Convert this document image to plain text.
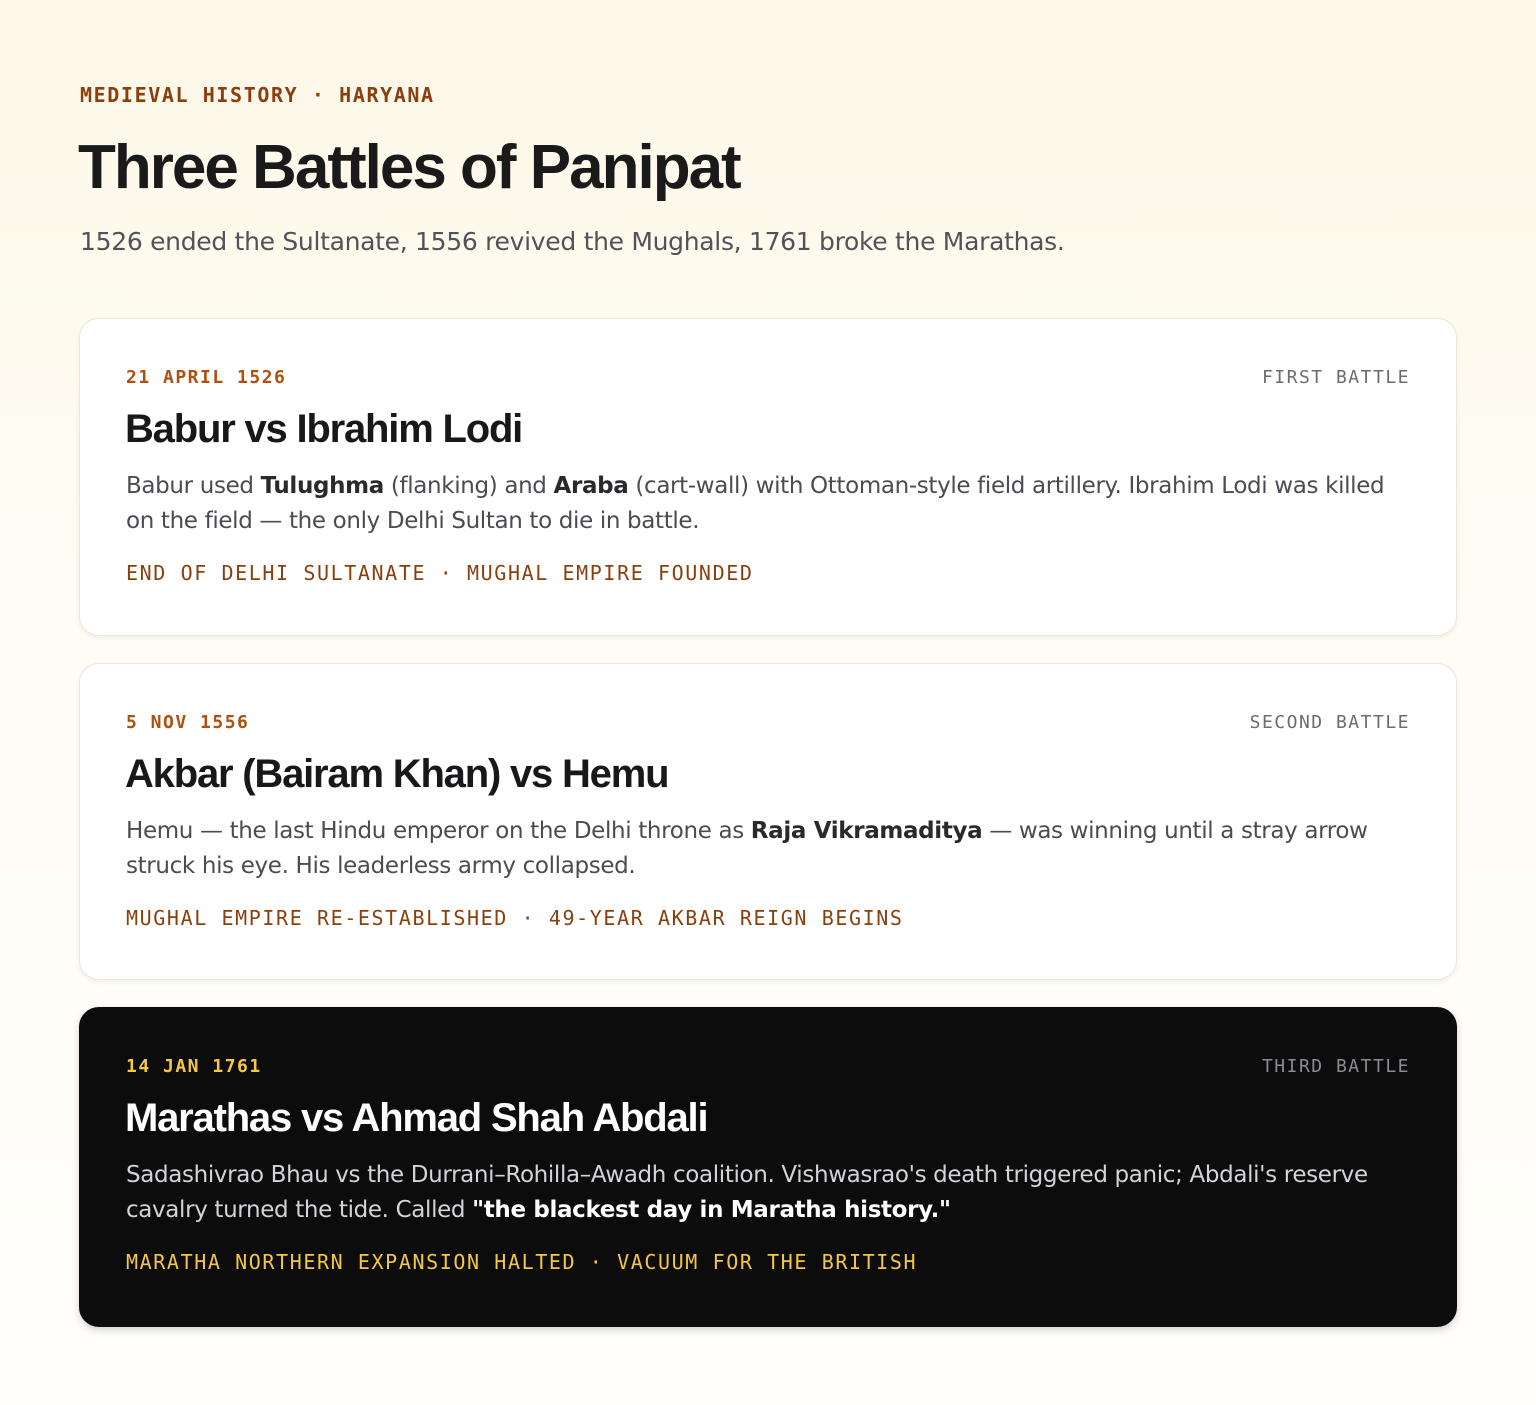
MEDIEVAL HISTORY · HARYANA
Three Battles of Panipat
1526 ended the Sultanate, 1556 revived the Mughals, 1761 broke the Marathas.
21 APRIL 1526	FIRST BATTLE
Babur vs Ibrahim Lodi

Babur used Tulughma (flanking) and Araba (cart-wall) with Ottoman-style field artillery. Ibrahim Lodi was killed on the field — the only Delhi Sultan to die in battle.

END OF DELHI SULTANATE · MUGHAL EMPIRE FOUNDED
5 NOV 1556	SECOND BATTLE
Akbar (Bairam Khan) vs Hemu

Hemu — the last Hindu emperor on the Delhi throne as Raja Vikramaditya — was winning until a stray arrow struck his eye. His leaderless army collapsed.

MUGHAL EMPIRE RE-ESTABLISHED · 49-YEAR AKBAR REIGN BEGINS
14 JAN 1761	THIRD BATTLE
Marathas vs Ahmad Shah Abdali

Sadashivrao Bhau vs the Durrani–Rohilla–Awadh coalition. Vishwasrao's death triggered panic; Abdali's reserve cavalry turned the tide. Called "the blackest day in Maratha history."

MARATHA NORTHERN EXPANSION HALTED · VACUUM FOR THE BRITISH
